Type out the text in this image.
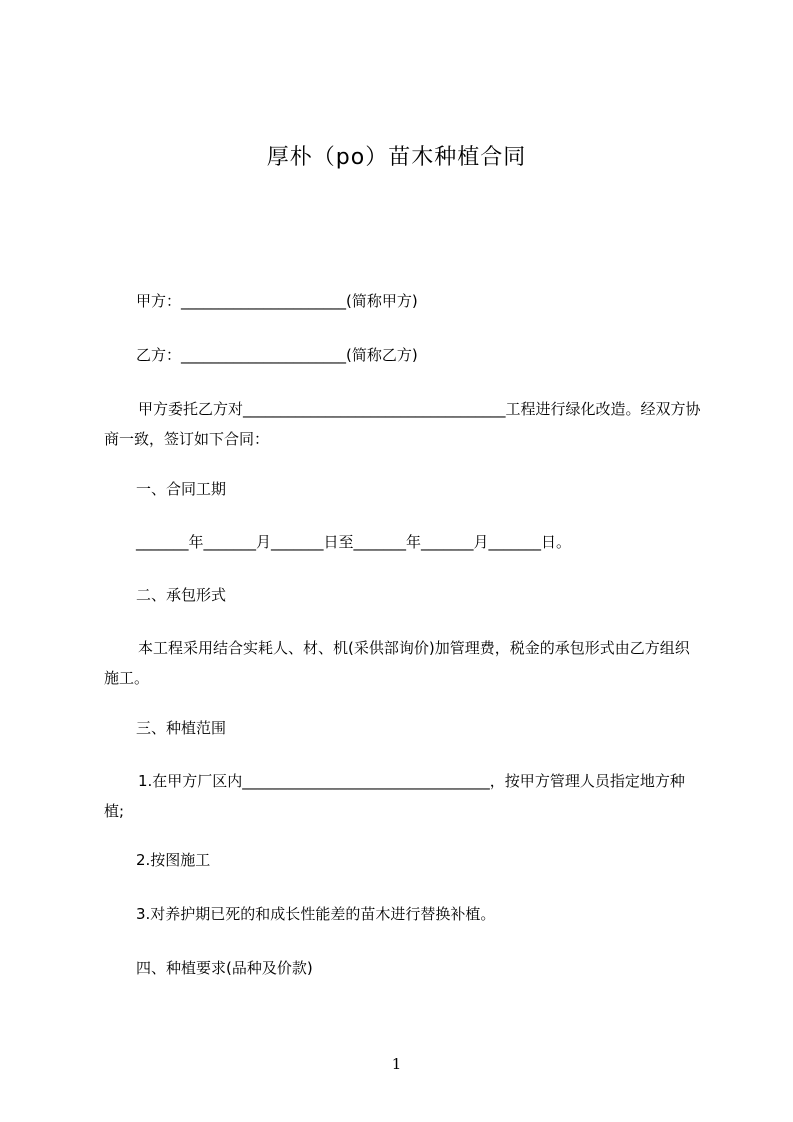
厚朴（po）苗木种植合同
甲方：______________________(简称甲方)
乙方：______________________(简称乙方)
甲方委托乙方对___________________________________工程进行绿化改造。经双方协商一致，签订如下合同：
一、合同工期
_______年_______月_______日至_______年_______月_______日。
二、承包形式
本工程采用结合实耗人、材、机(采供部询价)加管理费，税金的承包形式由乙方组织施工。
三、种植范围
1.在甲方厂区内_________________________________，按甲方管理人员指定地方种植;
2.按图施工
3.对养护期已死的和成长性能差的苗木进行替换补植。
四、种植要求(品种及价款)
1
